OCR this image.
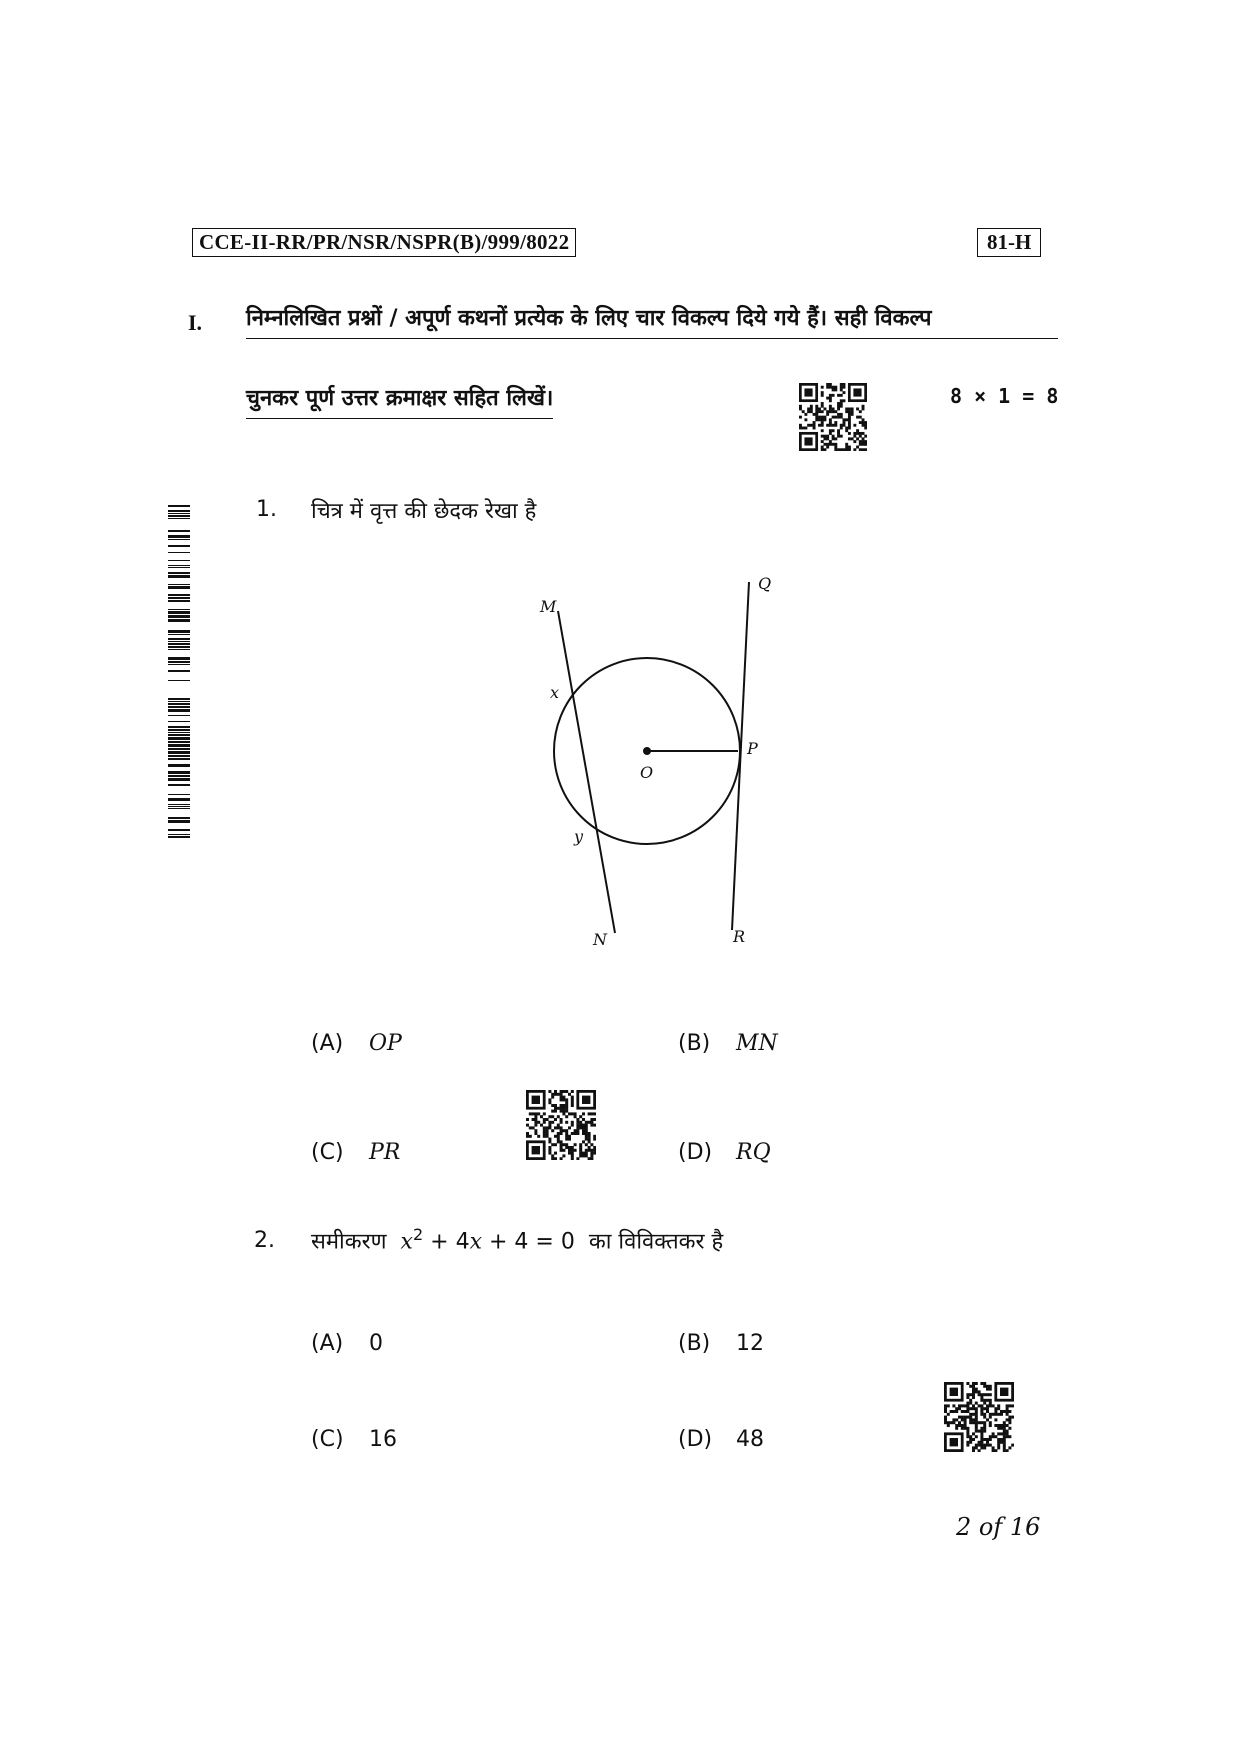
CCE-II-RR/PR/NSR/NSPR(B)/999/8022	81-H
I. निम्नलिखित प्रश्नों / अपूर्ण कथनों प्रत्येक के लिए चार विकल्प दिये गये हैं। सही विकल्प
चुनकर पूर्ण उत्तर क्रमाक्षर सहित लिखें।	8 × 1 = 8
1. चित्र में वृत्त की छेदक रेखा है
M
Q
x
O
P
y
N	R
(A) OP	(B) MN
(C) PR	(D) RQ
2. समीकरण $x^2 + 4x + 4 = 0$ का विविक्तकर है
(A) 0	(B) 12
(C) 16	(D) 48
2 of 16
